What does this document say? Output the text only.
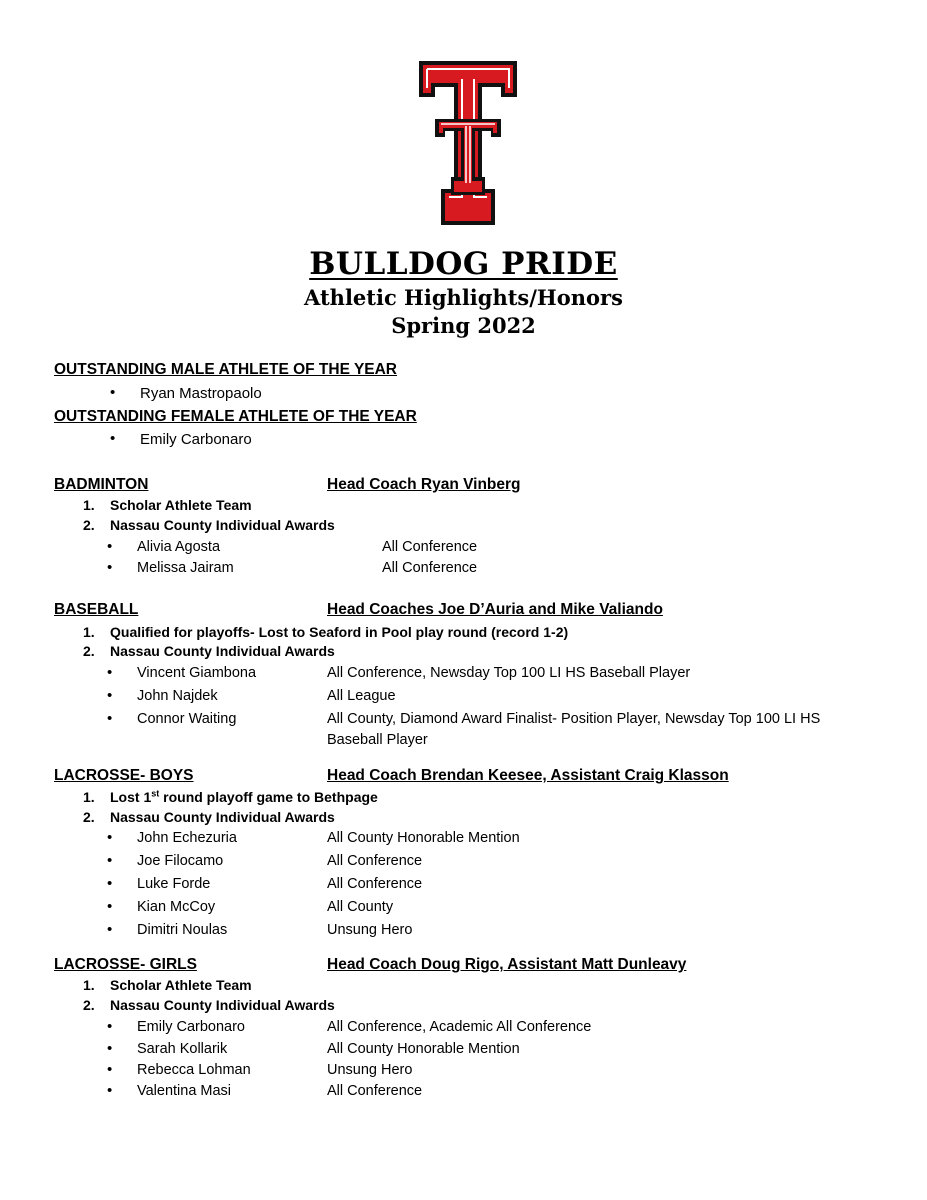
BULLDOG PRIDE
Athletic Highlights/Honors
Spring 2022
OUTSTANDING MALE ATHLETE OF THE YEAR
• Ryan Mastropaolo
OUTSTANDING FEMALE ATHLETE OF THE YEAR
• Emily Carbonaro
BADMINTON	Head Coach Ryan Vinberg
1. Scholar Athlete Team
2. Nassau County Individual Awards
• Alivia Agosta	All Conference
• Melissa Jairam	All Conference
BASEBALL	Head Coaches Joe D’Auria and Mike Valiando
1. Qualified for playoffs- Lost to Seaford in Pool play round (record 1-2)
2. Nassau County Individual Awards
• Vincent Giambona	All Conference, Newsday Top 100 LI HS Baseball Player
• John Najdek	All League
• Connor Waiting	All County, Diamond Award Finalist- Position Player, Newsday Top 100 LI HS
Baseball Player
LACROSSE- BOYS	Head Coach Brendan Keesee, Assistant Craig Klasson
1. Lost 1st round playoff game to Bethpage
2. Nassau County Individual Awards
• John Echezuria	All County Honorable Mention
• Joe Filocamo	All Conference
• Luke Forde	All Conference
• Kian McCoy	All County
• Dimitri Noulas	Unsung Hero
LACROSSE- GIRLS	Head Coach Doug Rigo, Assistant Matt Dunleavy
1. Scholar Athlete Team
2. Nassau County Individual Awards
• Emily Carbonaro	All Conference, Academic All Conference
• Sarah Kollarik	All County Honorable Mention
• Rebecca Lohman	Unsung Hero
• Valentina Masi	All Conference
